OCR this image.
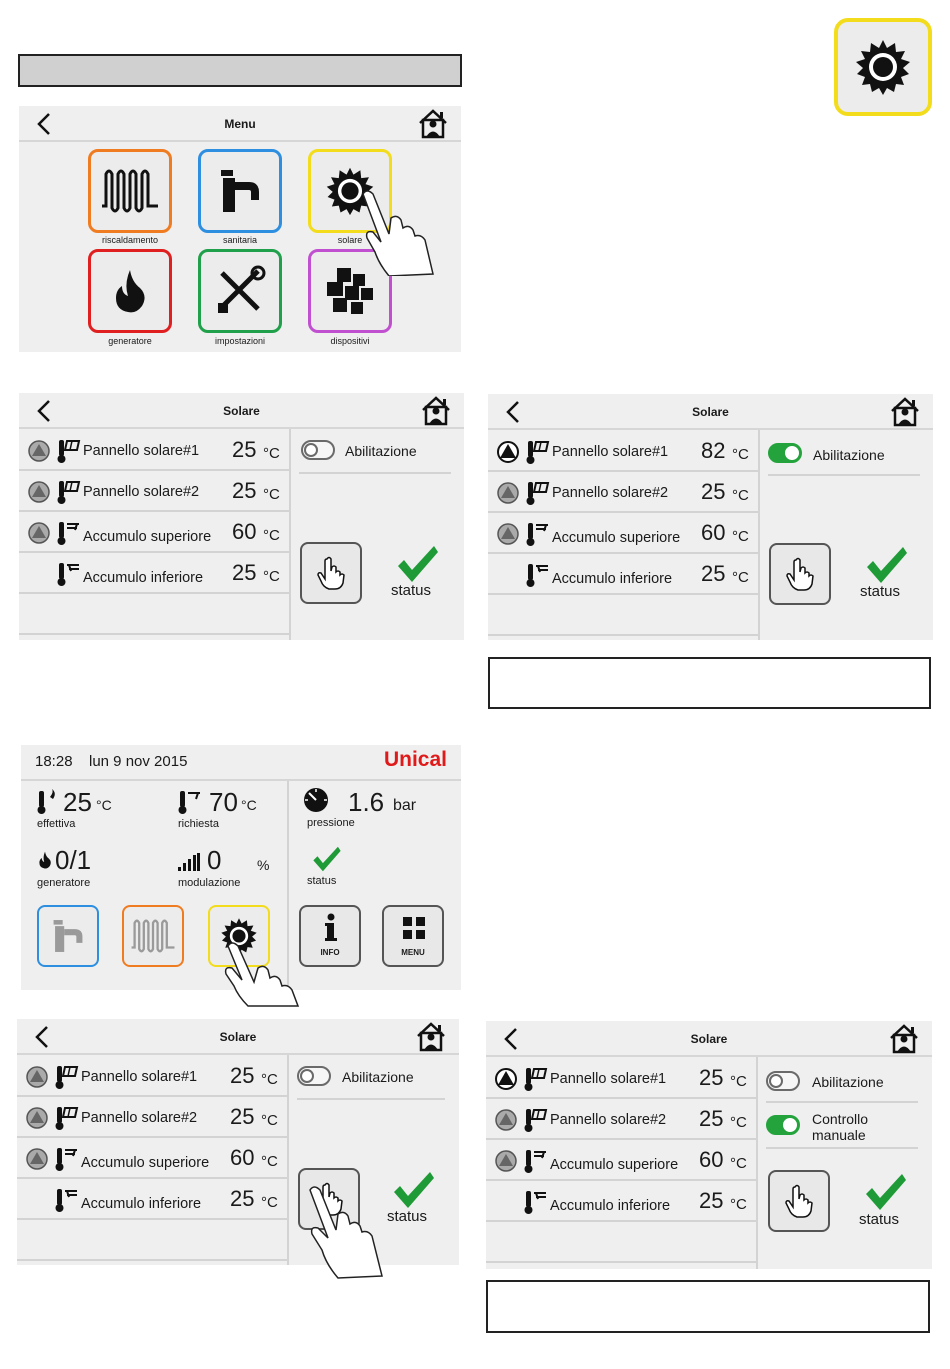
Menu
riscaldamento	sanitaria	solare
generatore	impostazioni	dispositivi
Solare
Pannello solare#1 25 °C
Pannello solare#2 25 °C
Accumulo superiore 60 °C
Accumulo inferiore 25 °C
Abilitazione
status
Solare
Pannello solare#1 82 °C
Pannello solare#2 25 °C
Accumulo superiore 60 °C
Accumulo inferiore 25 °C
Abilitazione
status
18:28 lun 9 nov 2015	Unical
25 °C
effettiva
70 °C
richiesta
1.6 bar
pressione
0/1
generatore
0	%
modulazione	status
INFO	MENU
Solare
Pannello solare#1 25 °C
Pannello solare#2 25 °C
Accumulo superiore 60 °C
Accumulo inferiore 25 °C
Abilitazione
status
Solare
Pannello solare#1 25 °C
Pannello solare#2 25 °C
Accumulo superiore 60 °C
Accumulo inferiore 25 °C
Abilitazione
Controllo manuale
status
